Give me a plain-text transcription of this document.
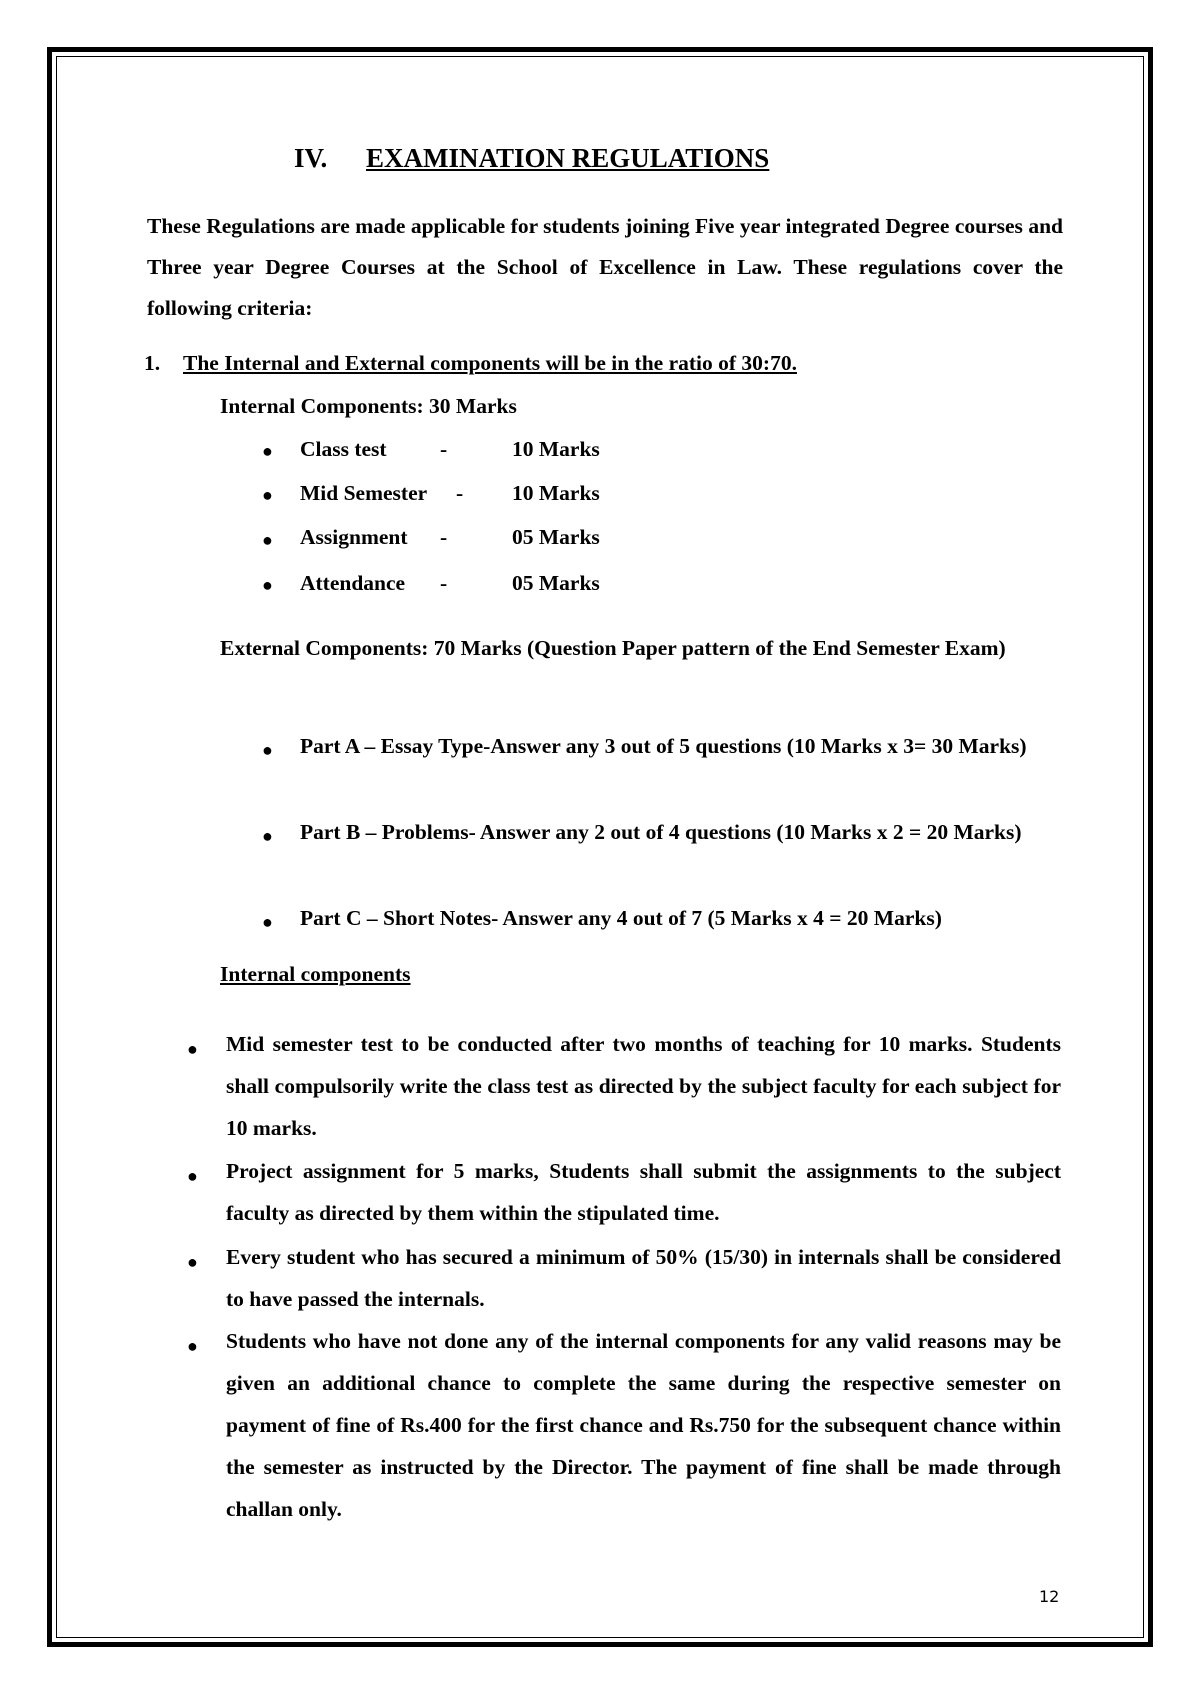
IV. EXAMINATION REGULATIONS

These Regulations are made applicable for students joining Five year integrated Degree courses and Three year Degree Courses at the School of Excellence in Law. These regulations cover the following criteria:

1. The Internal and External components will be in the ratio of 30:70.
Internal Components: 30 Marks
● Class test -	10 Marks
● Mid Semester - 10 Marks
● Assignment -	05 Marks
● Attendance -	05 Marks

External Components: 70 Marks (Question Paper pattern of the End Semester Exam)

● Part A – Essay Type-Answer any 3 out of 5 questions (10 Marks x 3= 30 Marks)

● Part B – Problems- Answer any 2 out of 4 questions (10 Marks x 2 = 20 Marks)

● Part C – Short Notes- Answer any 4 out of 7 (5 Marks x 4 = 20 Marks)

Internal components
● Mid semester test to be conducted after two months of teaching for 10 marks. Students shall compulsorily write the class test as directed by the subject faculty for each subject for 10 marks.

● Project assignment for 5 marks, Students shall submit the assignments to the subject faculty as directed by them within the stipulated time.

● Every student who has secured a minimum of 50% (15/30) in internals shall be considered to have passed the internals.

● Students who have not done any of the internal components for any valid reasons may be given an additional chance to complete the same during the respective semester on payment of fine of Rs.400 for the first chance and Rs.750 for the subsequent chance within the semester as instructed by the Director. The payment of fine shall be made through challan only.

12
